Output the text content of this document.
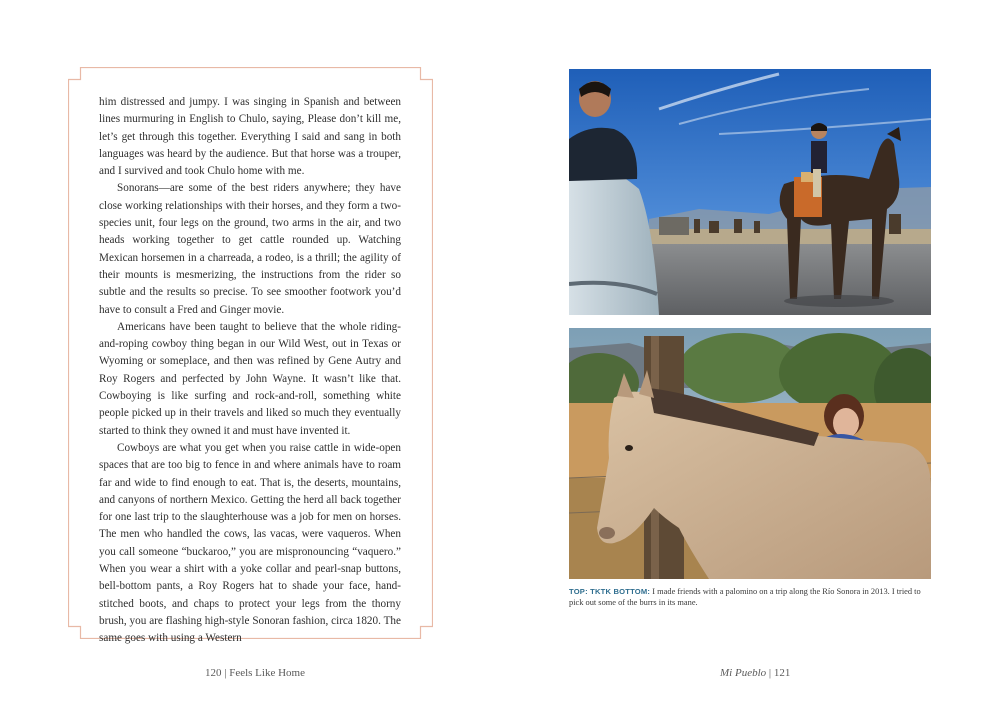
him distressed and jumpy. I was singing in Spanish and between lines murmuring in English to Chulo, saying, Please don’t kill me, let’s get through this together. Everything I said and sang in both languages was heard by the audience. But that horse was a trouper, and I survived and took Chulo home with me.

Sonorans—are some of the best riders anywhere; they have close working relationships with their horses, and they form a two-species unit, four legs on the ground, two arms in the air, and two heads working together to get cattle rounded up. Watching Mexican horsemen in a charreada, a rodeo, is a thrill; the agility of their mounts is mesmerizing, the instructions from the rider so subtle and the results so precise. To see smoother footwork you’d have to consult a Fred and Ginger movie.

Americans have been taught to believe that the whole riding-and-roping cowboy thing began in our Wild West, out in Texas or Wyoming or someplace, and then was refined by Gene Autry and Roy Rogers and perfected by John Wayne. It wasn’t like that. Cowboying is like surfing and rock-and-roll, something white people picked up in their travels and liked so much they eventually started to think they owned it and must have invented it.

Cowboys are what you get when you raise cattle in wide-open spaces that are too big to fence in and where animals have to roam far and wide to find enough to eat. That is, the deserts, mountains, and canyons of northern Mexico. Getting the herd all back together for one last trip to the slaughterhouse was a job for men on horses. The men who handled the cows, las vacas, were vaqueros. When you call someone “buckaroo,” you are mispronouncing “vaquero.” When you wear a shirt with a yoke collar and pearl-snap buttons, bell-bottom pants, a Roy Rogers hat to shade your face, hand-stitched boots, and chaps to protect your legs from the thorny brush, you are flashing high-style Sonoran fashion, circa 1820. The same goes with using a Western

120 | Feels Like Home
TOP: TKTK BOTTOM: I made friends with a palomino on a trip along the Río Sonora in 2013. I tried to pick out some of the burrs in its mane.
Mi Pueblo | 121
